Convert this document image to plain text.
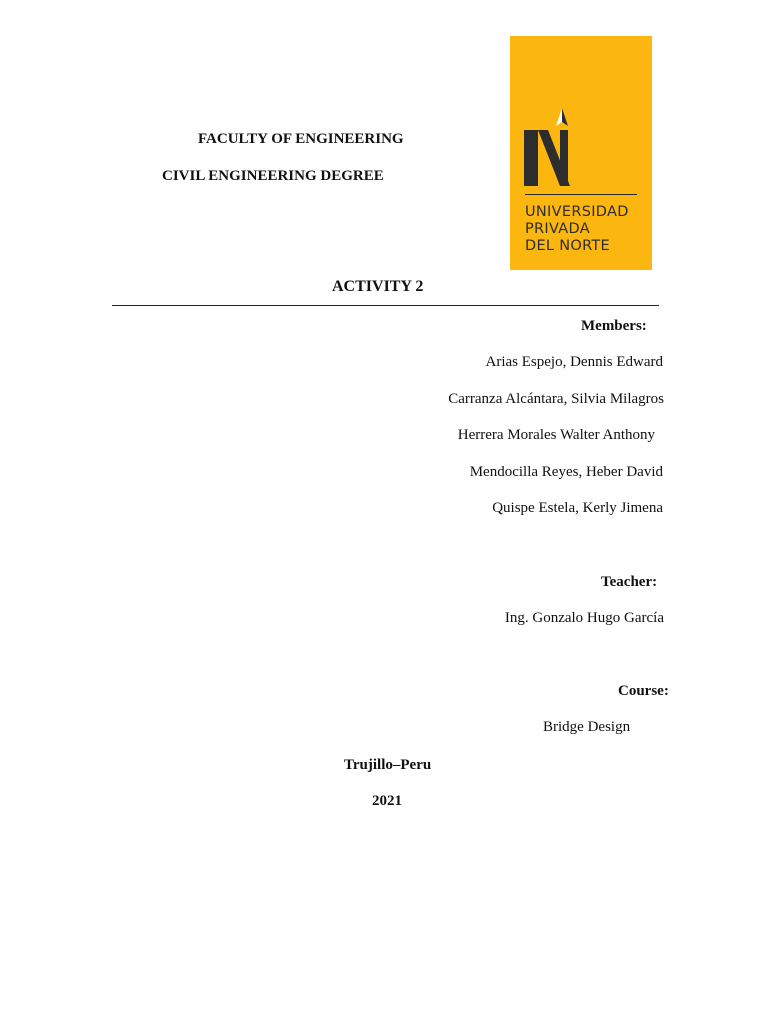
FACULTY OF ENGINEERING
CIVIL ENGINEERING DEGREE
UNIVERSIDAD
PRIVADA
DEL NORTE
ACTIVITY 2
Members:
Arias Espejo, Dennis Edward
Carranza Alcántara, Silvia Milagros
Herrera Morales Walter Anthony
Mendocilla Reyes, Heber David
Quispe Estela, Kerly Jimena
Teacher:
Ing. Gonzalo Hugo García
Course:
Bridge Design
Trujillo–Peru
2021
